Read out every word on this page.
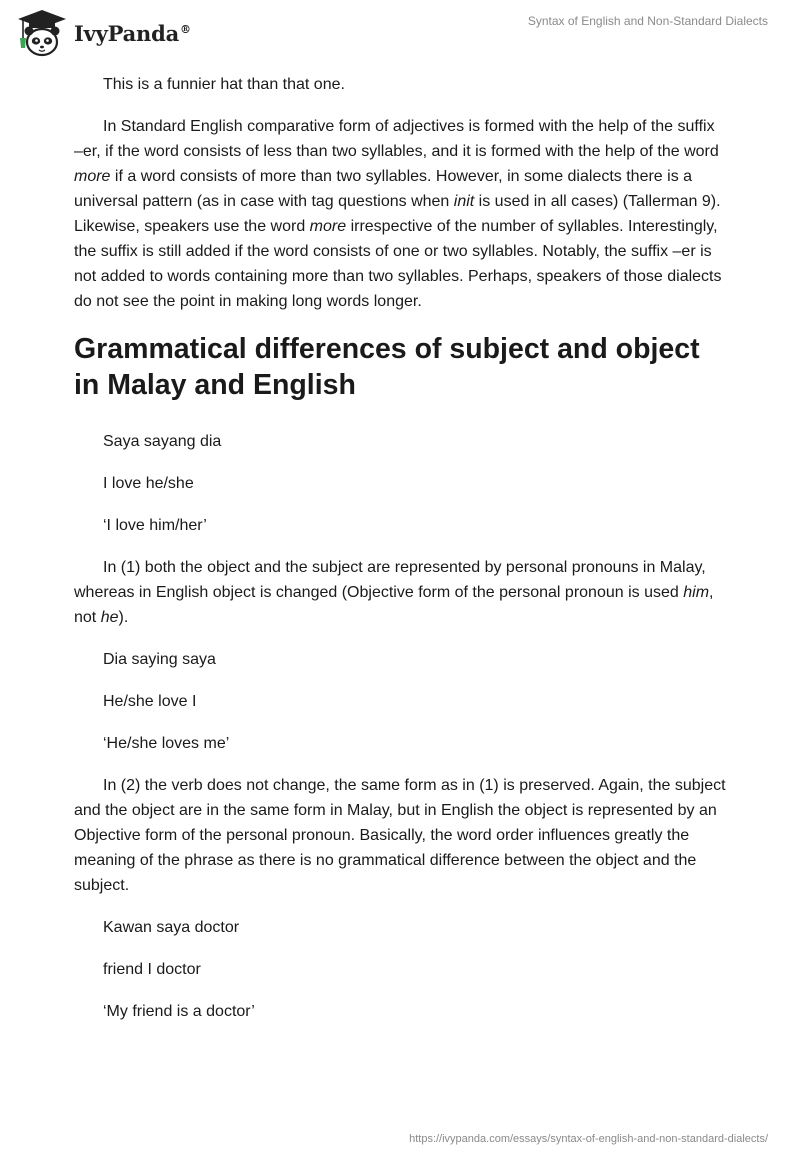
IvyPanda®
Syntax of English and Non-Standard Dialects

This is a funnier hat than that one.

In Standard English comparative form of adjectives is formed with the help of the suffix –er, if the word consists of less than two syllables, and it is formed with the help of the word more if a word consists of more than two syllables. However, in some dialects there is a universal pattern (as in case with tag questions when init is used in all cases) (Tallerman 9). Likewise, speakers use the word more irrespective of the number of syllables. Interestingly, the suffix is still added if the word consists of one or two syllables. Notably, the suffix –er is not added to words containing more than two syllables. Perhaps, speakers of those dialects do not see the point in making long words longer.

Grammatical differences of subject and object in Malay and English

Saya sayang dia

I love he/she

‘I love him/her’

In (1) both the object and the subject are represented by personal pronouns in Malay, whereas in English object is changed (Objective form of the personal pronoun is used him, not he).

Dia saying saya

He/she love I

‘He/she loves me’

In (2) the verb does not change, the same form as in (1) is preserved. Again, the subject and the object are in the same form in Malay, but in English the object is represented by an Objective form of the personal pronoun. Basically, the word order influences greatly the meaning of the phrase as there is no grammatical difference between the object and the subject.

Kawan saya doctor

friend I doctor

‘My friend is a doctor’

https://ivypanda.com/essays/syntax-of-english-and-non-standard-dialects/
